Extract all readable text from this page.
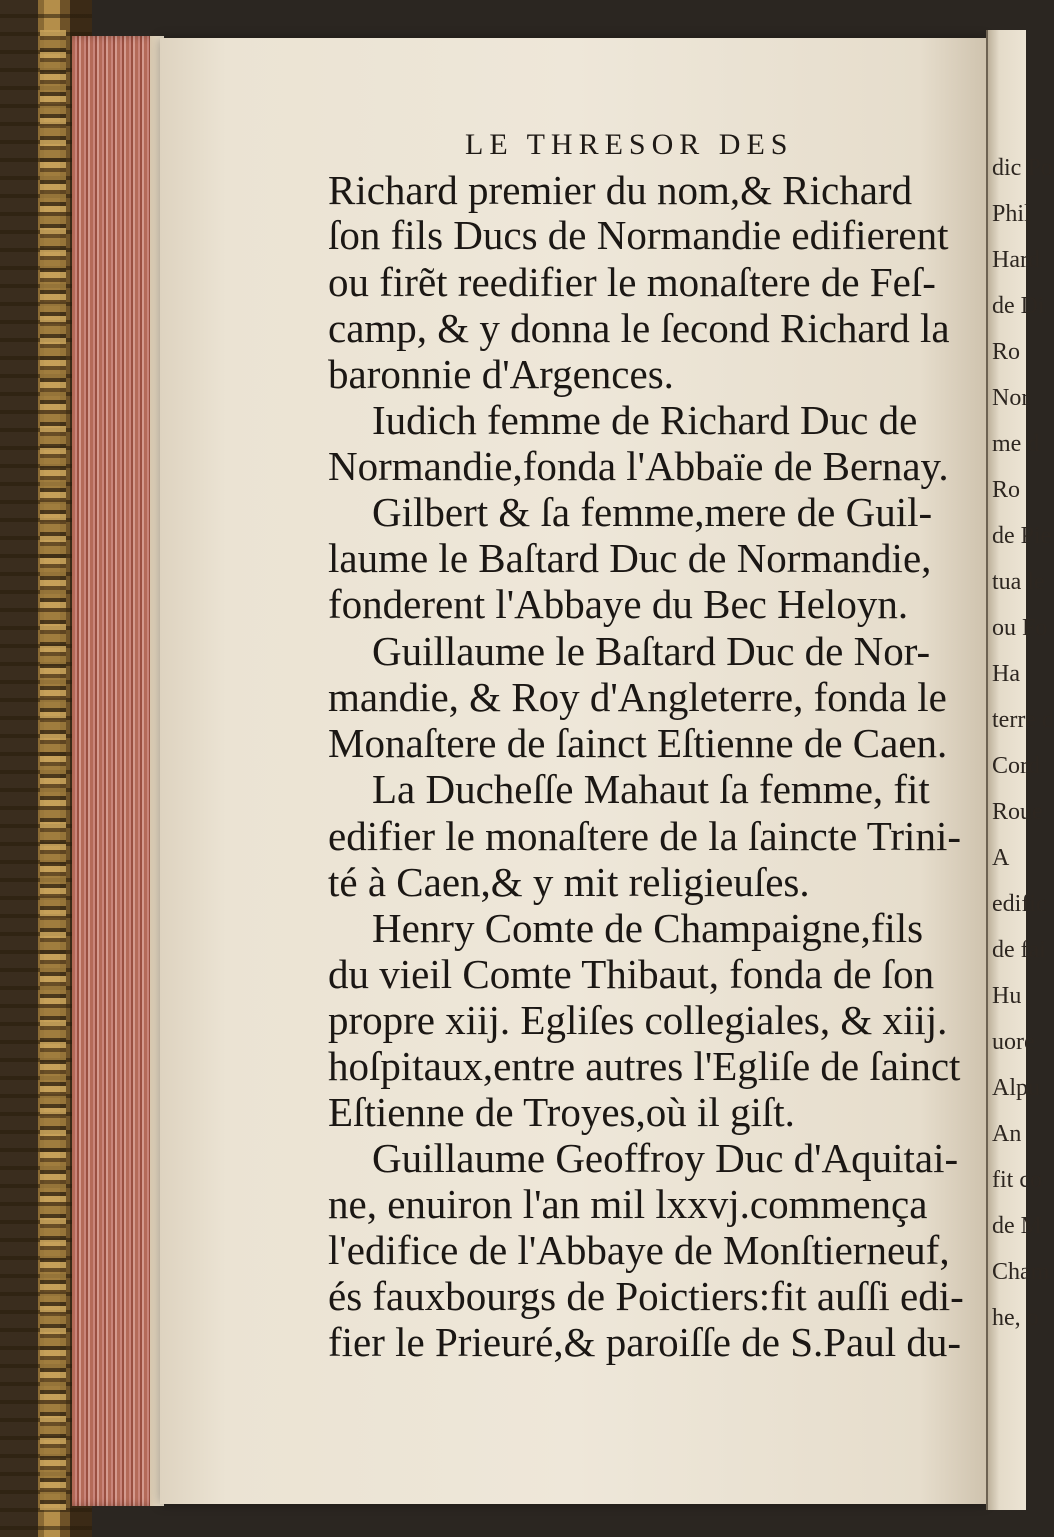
LE THRESOR DES
Richard premier du nom,& Richard
ſon fils Ducs de Normandie edifierent
ou firẽt reedifier le monaſtere de Feſ-
camp, & y donna le ſecond Richard la
baronnie d'Argences.
Iudich femme de Richard Duc de
Normandie,fonda l'Abbaïe de Bernay.
Gilbert & ſa femme,mere de Guil-
laume le Baſtard Duc de Normandie,
fonderent l'Abbaye du Bec Heloyn.
Guillaume le Baſtard Duc de Nor-
mandie, & Roy d'Angleterre, fonda le
Monaſtere de ſainct Eſtienne de Caen.
La Ducheſſe Mahaut ſa femme, fit
edifier le monaſtere de la ſaincte Trini-
té à Caen,& y mit religieuſes.
Henry Comte de Champaigne,fils
du vieil Comte Thibaut, fonda de ſon
propre xiij. Egliſes collegiales, & xiij.
hoſpitaux,entre autres l'Egliſe de ſainct
Eſtienne de Troyes,où il giſt.
Guillaume Geoffroy Duc d'Aquitai-
ne, enuiron l'an mil lxxvj.commença
l'edifice de l'Abbaye de Monſtierneuf,
és fauxbourgs de Poictiers:fit auſſi edi-
fier le Prieuré,& paroiſſe de S.Paul du-
dic Po
Phil
Hard
de Di
Ro
Nor
me d
Ro
de Pie
tua le
ou Fo
Ha
terre d
Cord
Roue
A
edific
de fai
Hu
uore
Alpu
An
fit co
de M
Cham
he, o
